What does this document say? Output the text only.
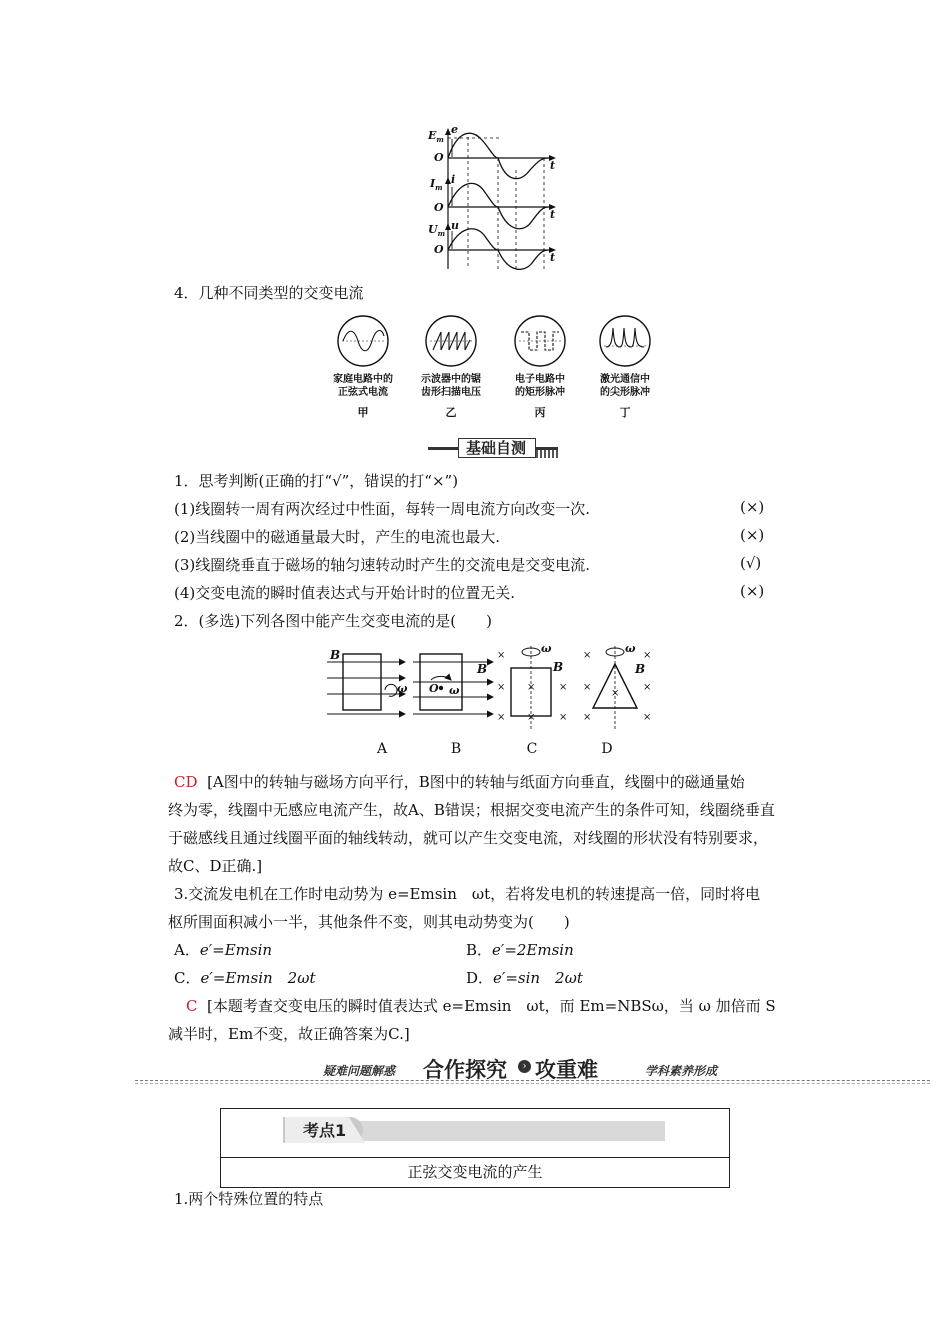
$E_m$
e
O
t
$I_m$
i
O
t
$U_m$
u
O
t
4．几种不同类型的交变电流
家庭电路中的
正弦式电流
示波器中的锯
齿形扫描电压
电子电路中
的矩形脉冲
激光通信中
的尖形脉冲
甲	乙	丙	丁
基础自测
1．思考判断(正确的打“√”，错误的打“×”)
(1)线圈转一周有两次经过中性面，每转一周电流方向改变一次.	(×)
(2)当线圈中的磁通量最大时，产生的电流也最大.	(×)
(3)线圈绕垂直于磁场的轴匀速转动时产生的交流电是交变电流.	(√)
(4)交变电流的瞬时值表达式与开始计时的位置无关.	(×)
2．(多选)下列各图中能产生交变电流的是(　　)
B
ω
B
O ω
ω
B
ω
B
×
×
×
×
×
×
×
×	×
×
×
×
×	×
A	B	C	D
CD [A图中的转轴与磁场方向平行，B图中的转轴与纸面方向垂直，线圈中的磁通量始
终为零，线圈中无感应电流产生，故A、B错误；根据交变电流产生的条件可知，线圈绕垂直
于磁感线且通过线圈平面的轴线转动，就可以产生交变电流，对线圈的形状没有特别要求，
故C、D正确.]
3.交流发电机在工作时电动势为 e=Emsin　ωt，若将发电机的转速提高一倍，同时将电
枢所围面积减小一半，其他条件不变，则其电动势变为(　　)
A．e′=Emsin	B．e′=2Emsin
C．e′=Emsin　2ωt	D．e′=sin　2ωt
C [本题考查交变电压的瞬时值表达式 e=Emsin　ωt，而 Em=NBSω，当 ω 加倍而 S
减半时，Em不变，故正确答案为C.]
疑难问题解惑 合作探究	› 攻重难	学科素养形成
考点1
正弦交变电流的产生
1.两个特殊位置的特点
